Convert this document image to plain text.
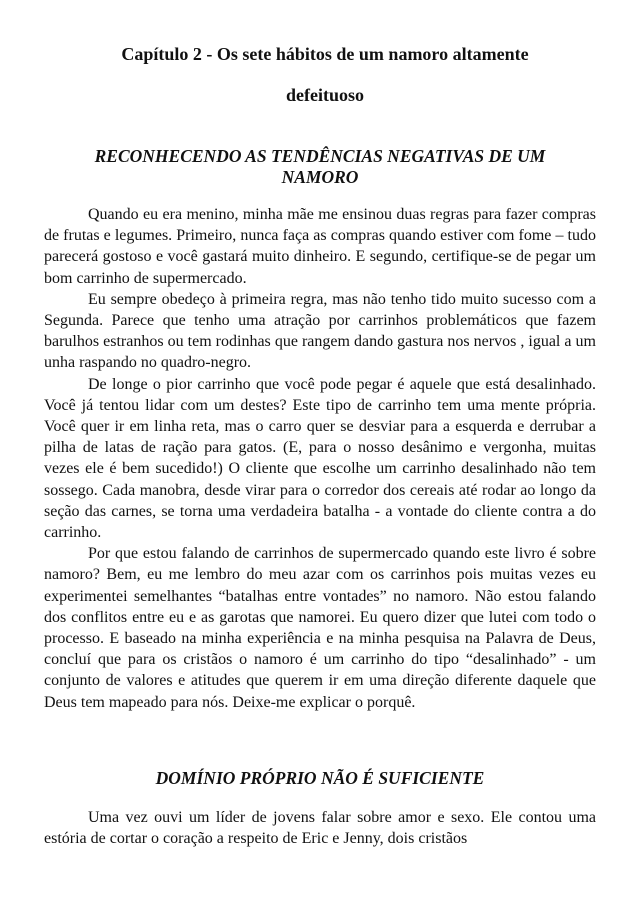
Capítulo 2 - Os sete hábitos de um namoro altamente
defeituoso
RECONHECENDO AS TENDÊNCIAS NEGATIVAS DE UM
NAMORO

Quando eu era menino, minha mãe me ensinou duas regras para fazer compras de frutas e legumes. Primeiro, nunca faça as compras quando estiver com fome – tudo parecerá gostoso e você gastará muito dinheiro. E segundo, certifique-se de pegar um bom carrinho de supermercado.

Eu sempre obedeço à primeira regra, mas não tenho tido muito sucesso com a Segunda. Parece que tenho uma atração por carrinhos problemáticos que fazem barulhos estranhos ou tem rodinhas que rangem dando gastura nos nervos , igual a um unha raspando no quadro-negro.

De longe o pior carrinho que você pode pegar é aquele que está desalinhado. Você já tentou lidar com um destes? Este tipo de carrinho tem uma mente própria. Você quer ir em linha reta, mas o carro quer se desviar para a esquerda e derrubar a pilha de latas de ração para gatos. (E, para o nosso desânimo e vergonha, muitas vezes ele é bem sucedido!) O cliente que escolhe um carrinho desalinhado não tem sossego. Cada manobra, desde virar para o corredor dos cereais até rodar ao longo da seção das carnes, se torna uma verdadeira batalha - a vontade do cliente contra a do carrinho.

Por que estou falando de carrinhos de supermercado quando este livro é sobre namoro? Bem, eu me lembro do meu azar com os carrinhos pois muitas vezes eu experimentei semelhantes “batalhas entre vontades” no namoro. Não estou falando dos conflitos entre eu e as garotas que namorei. Eu quero dizer que lutei com todo o processo. E baseado na minha experiência e na minha pesquisa na Palavra de Deus, concluí que para os cristãos o namoro é um carrinho do tipo “desalinhado” - um conjunto de valores e atitudes que querem ir em uma direção diferente daquele que Deus tem mapeado para nós. Deixe-me explicar o porquê.

DOMÍNIO PRÓPRIO NÃO É SUFICIENTE

Uma vez ouvi um líder de jovens falar sobre amor e sexo. Ele contou uma estória de cortar o coração a respeito de Eric e Jenny, dois cristãos
